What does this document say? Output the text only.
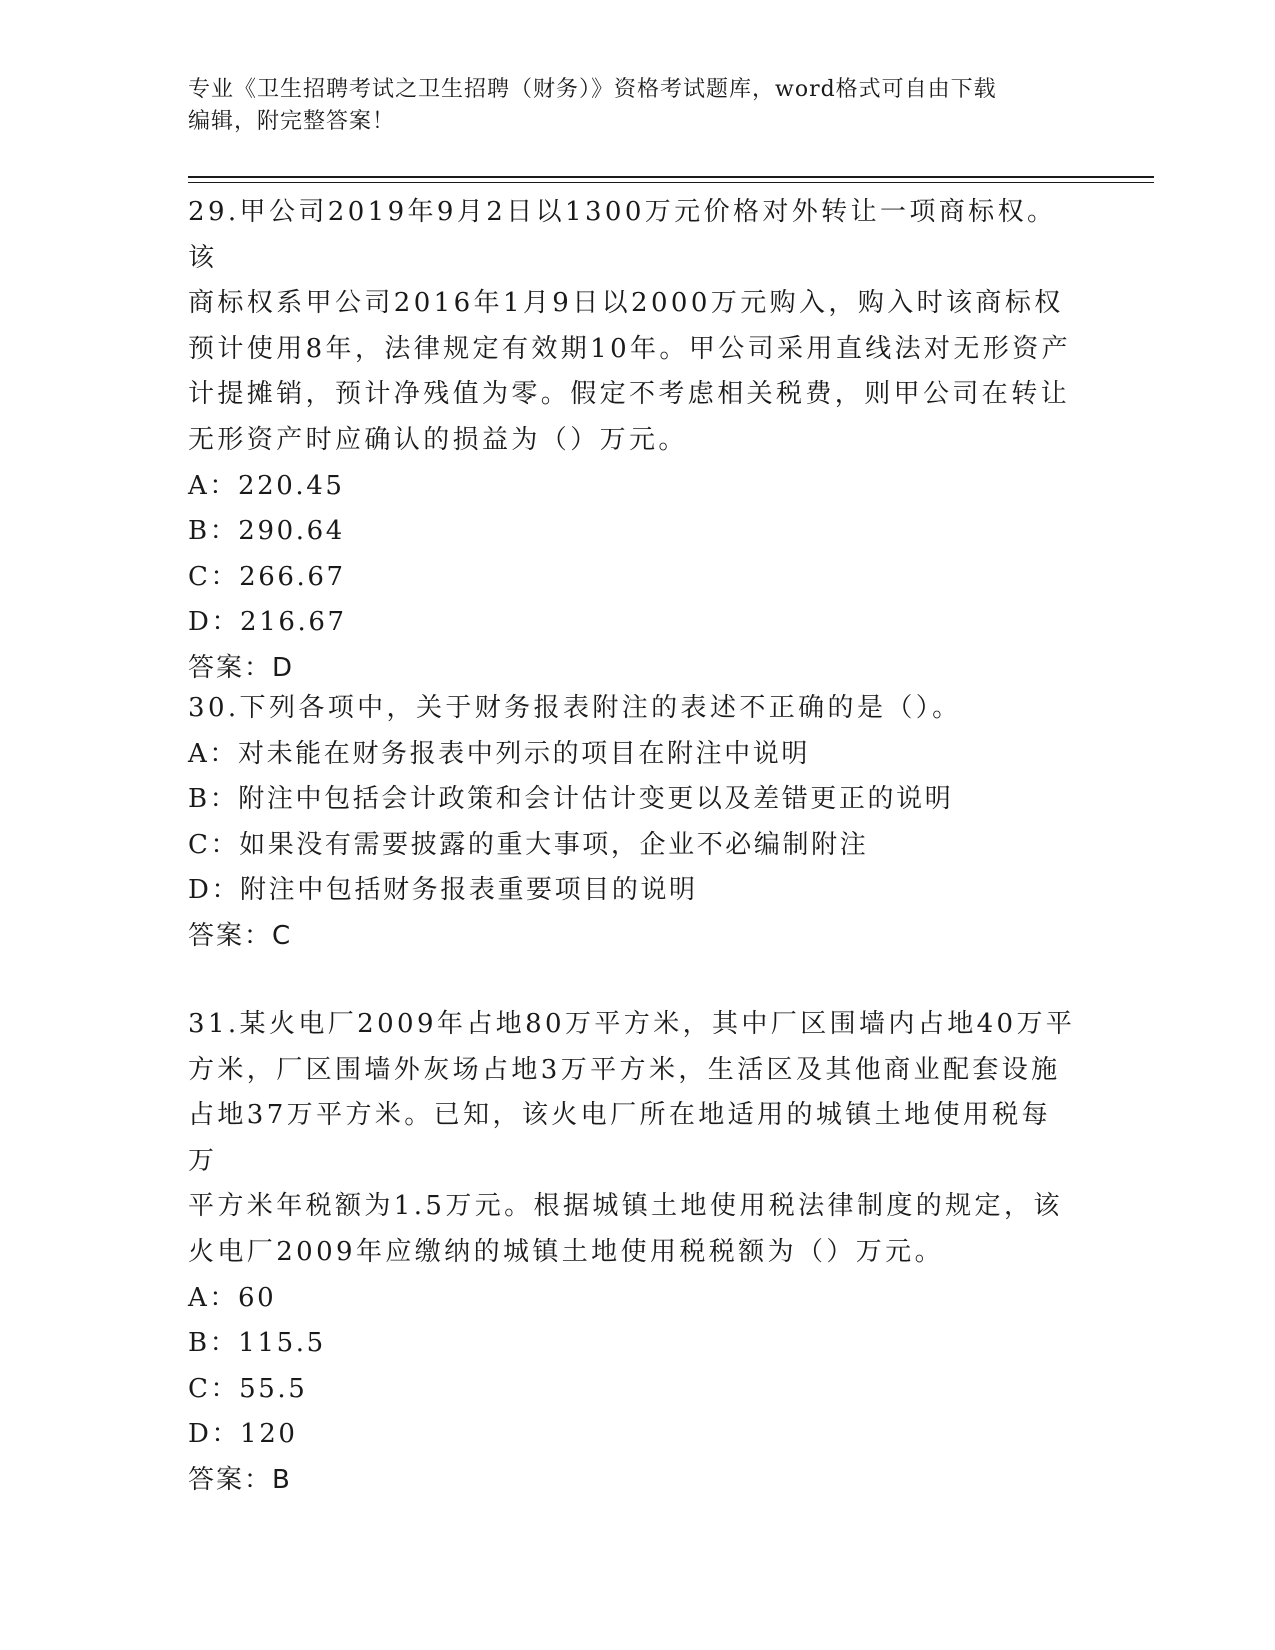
专业《卫生招聘考试之卫生招聘（财务）》资格考试题库，word格式可自由下载
编辑，附完整答案！

29.甲公司2019年9月2日以1300万元价格对外转让一项商标权。该

商标权系甲公司2016年1月9日以2000万元购入，购入时该商标权

预计使用8年，法律规定有效期10年。甲公司采用直线法对无形资产

计提摊销，预计净残值为零。假定不考虑相关税费，则甲公司在转让

无形资产时应确认的损益为（）万元。

A：220.45

B：290.64

C：266.67

D：216.67

答案：D

30.下列各项中，关于财务报表附注的表述不正确的是（）。

A：对未能在财务报表中列示的项目在附注中说明

B：附注中包括会计政策和会计估计变更以及差错更正的说明

C：如果没有需要披露的重大事项，企业不必编制附注

D：附注中包括财务报表重要项目的说明

答案：C

31.某火电厂2009年占地80万平方米，其中厂区围墙内占地40万平

方米，厂区围墙外灰场占地3万平方米，生活区及其他商业配套设施

占地37万平方米。已知，该火电厂所在地适用的城镇土地使用税每万

平方米年税额为1.5万元。根据城镇土地使用税法律制度的规定，该

火电厂2009年应缴纳的城镇土地使用税税额为（）万元。

A：60

B：115.5

C：55.5

D：120

答案：B
